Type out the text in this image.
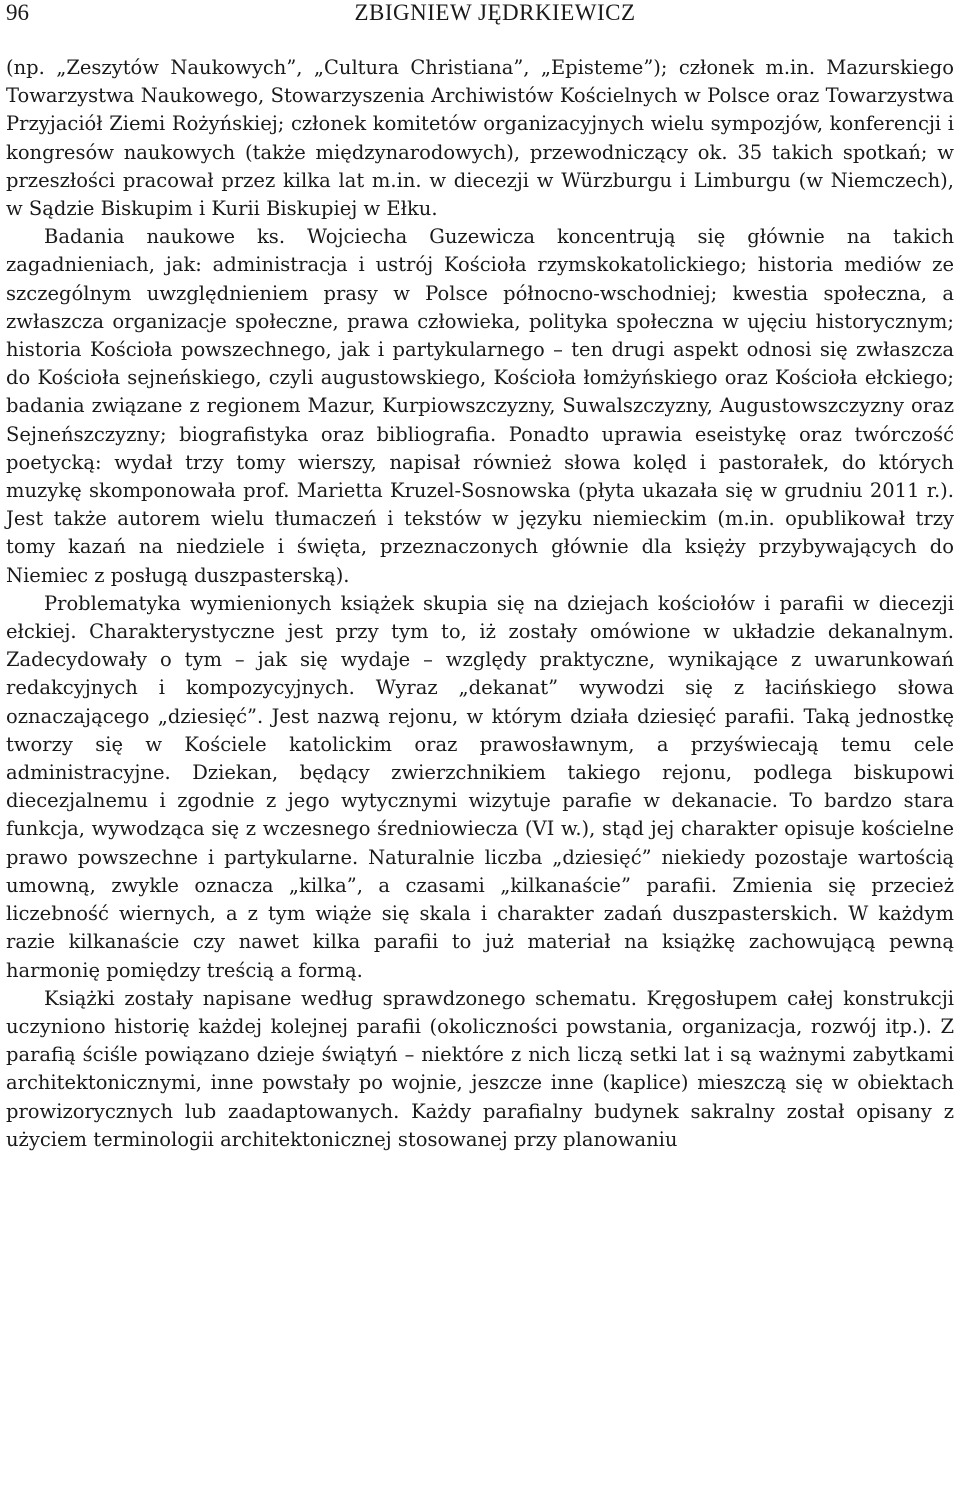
96	ZBIGNIEW JĘDRKIEWICZ

(np. „Zeszytów Naukowych”, „Cultura Christiana”, „Episteme”); członek m.in. Mazurskiego Towarzystwa Naukowego, Stowarzyszenia Archiwistów Kościelnych w Polsce oraz Towarzystwa Przyjaciół Ziemi Rożyńskiej; członek komitetów organizacyjnych wielu sympozjów, konferencji i kongresów naukowych (także międzynarodowych), przewodniczący ok. 35 takich spotkań; w przeszłości pracował przez kilka lat m.in. w diecezji w Würzburgu i Limburgu (w Niemczech), w Sądzie Biskupim i Kurii Biskupiej w Ełku.

Badania naukowe ks. Wojciecha Guzewicza koncentrują się głównie na takich zagadnieniach, jak: administracja i ustrój Kościoła rzymskokatolickiego; historia mediów ze szczególnym uwzględnieniem prasy w Polsce północno-wschodniej; kwestia społeczna, a zwłaszcza organizacje społeczne, prawa człowieka, polityka społeczna w ujęciu historycznym; historia Kościoła powszechnego, jak i partykularnego – ten drugi aspekt odnosi się zwłaszcza do Kościoła sejneńskiego, czyli augustowskiego, Kościoła łomżyńskiego oraz Kościoła ełckiego; badania związane z regionem Mazur, Kurpiowszczyzny, Suwalszczyzny, Augustowszczyzny oraz Sejneńszczyzny; biografistyka oraz bibliografia. Ponadto uprawia eseistykę oraz twórczość poetycką: wydał trzy tomy wierszy, napisał również słowa kolęd i pastorałek, do których muzykę skomponowała prof. Marietta Kruzel-Sosnowska (płyta ukazała się w grudniu 2011 r.). Jest także autorem wielu tłumaczeń i tekstów w języku niemieckim (m.in. opublikował trzy tomy kazań na niedziele i święta, przeznaczonych głównie dla księży przybywających do Niemiec z posługą duszpasterską).

Problematyka wymienionych książek skupia się na dziejach kościołów i parafii w diecezji ełckiej. Charakterystyczne jest przy tym to, iż zostały omówione w układzie dekanalnym. Zadecydowały o tym – jak się wydaje – względy praktyczne, wynikające z uwarunkowań redakcyjnych i kompozycyjnych. Wyraz „dekanat” wywodzi się z łacińskiego słowa oznaczającego „dziesięć”. Jest nazwą rejonu, w którym działa dziesięć parafii. Taką jednostkę tworzy się w Kościele katolickim oraz prawosławnym, a przyświecają temu cele administracyjne. Dziekan, będący zwierzchnikiem takiego rejonu, podlega biskupowi diecezjalnemu i zgodnie z jego wytycznymi wizytuje parafie w dekanacie. To bardzo stara funkcja, wywodząca się z wczesnego średniowiecza (VI w.), stąd jej charakter opisuje kościelne prawo powszechne i partykularne. Naturalnie liczba „dziesięć” niekiedy pozostaje wartością umowną, zwykle oznacza „kilka”, a czasami „kilkanaście” parafii. Zmienia się przecież liczebność wiernych, a z tym wiąże się skala i charakter zadań duszpasterskich. W każdym razie kilkanaście czy nawet kilka parafii to już materiał na książkę zachowującą pewną harmonię pomiędzy treścią a formą.

Książki zostały napisane według sprawdzonego schematu. Kręgosłupem całej konstrukcji uczyniono historię każdej kolejnej parafii (okoliczności powstania, organizacja, rozwój itp.). Z parafią ściśle powiązano dzieje świątyń – niektóre z nich liczą setki lat i są ważnymi zabytkami architektonicznymi, inne powstały po wojnie, jeszcze inne (kaplice) mieszczą się w obiektach prowizorycznych lub zaadaptowanych. Każdy parafialny budynek sakralny został opisany z użyciem terminologii architektonicznej stosowanej przy planowaniu
